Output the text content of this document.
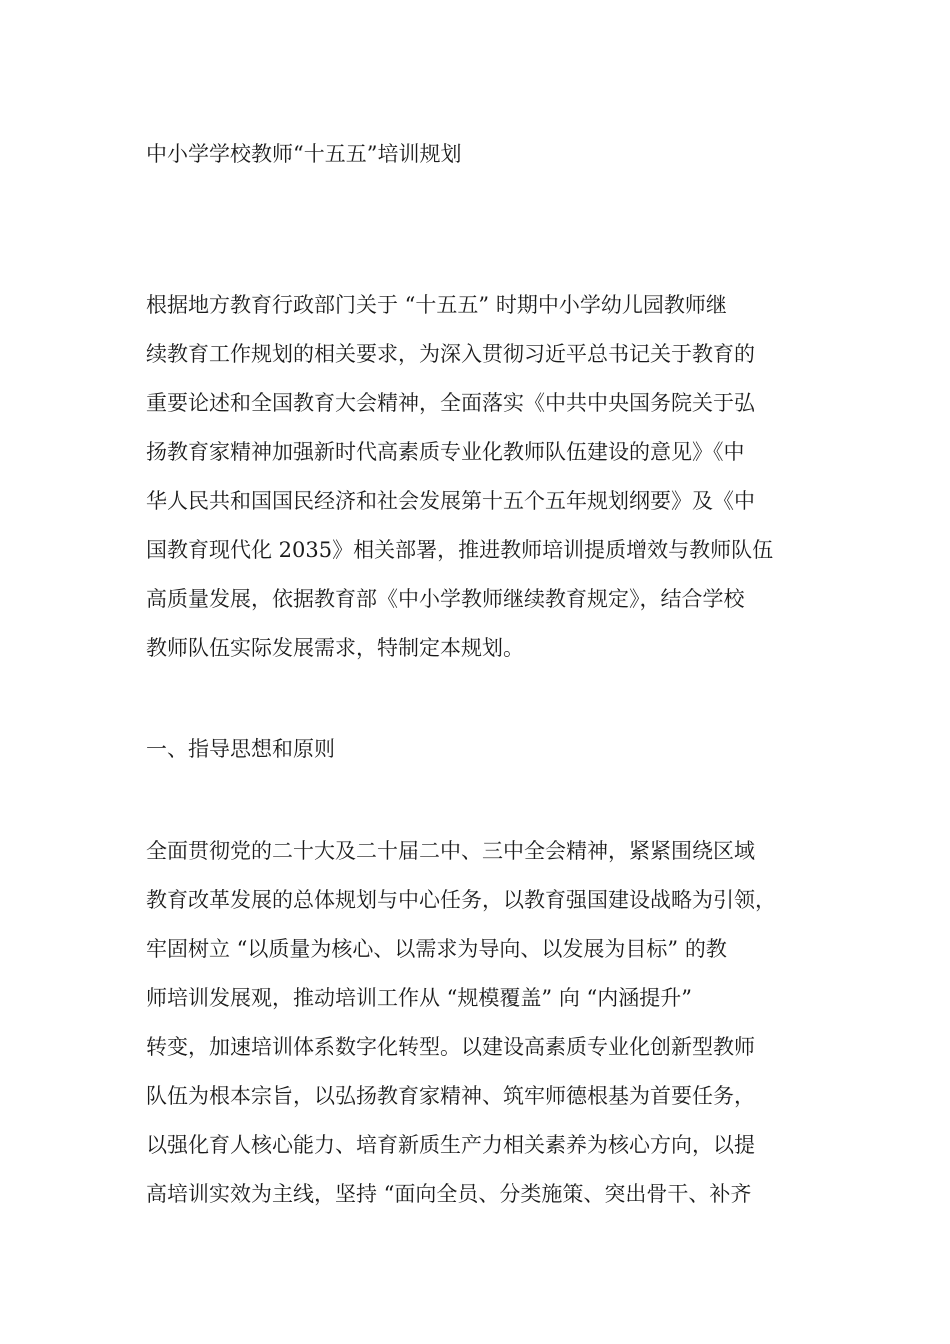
中小学学校教师“十五五”培训规划
根据地方教育行政部门关于 “十五五” 时期中小学幼儿园教师继
续教育工作规划的相关要求，为深入贯彻习近平总书记关于教育的
重要论述和全国教育大会精神，全面落实《中共中央国务院关于弘
扬教育家精神加强新时代高素质专业化教师队伍建设的意见》《中
华人民共和国国民经济和社会发展第十五个五年规划纲要》及《中
国教育现代化 2035》相关部署，推进教师培训提质增效与教师队伍
高质量发展，依据教育部《中小学教师继续教育规定》，结合学校
教师队伍实际发展需求，特制定本规划。
一、指导思想和原则
全面贯彻党的二十大及二十届二中、三中全会精神，紧紧围绕区域
教育改革发展的总体规划与中心任务，以教育强国建设战略为引领，
牢固树立 “以质量为核心、以需求为导向、以发展为目标” 的教
师培训发展观，推动培训工作从 “规模覆盖” 向 “内涵提升”
转变，加速培训体系数字化转型。以建设高素质专业化创新型教师
队伍为根本宗旨，以弘扬教育家精神、筑牢师德根基为首要任务，
以强化育人核心能力、培育新质生产力相关素养为核心方向，以提
高培训实效为主线，坚持 “面向全员、分类施策、突出骨干、补齐
